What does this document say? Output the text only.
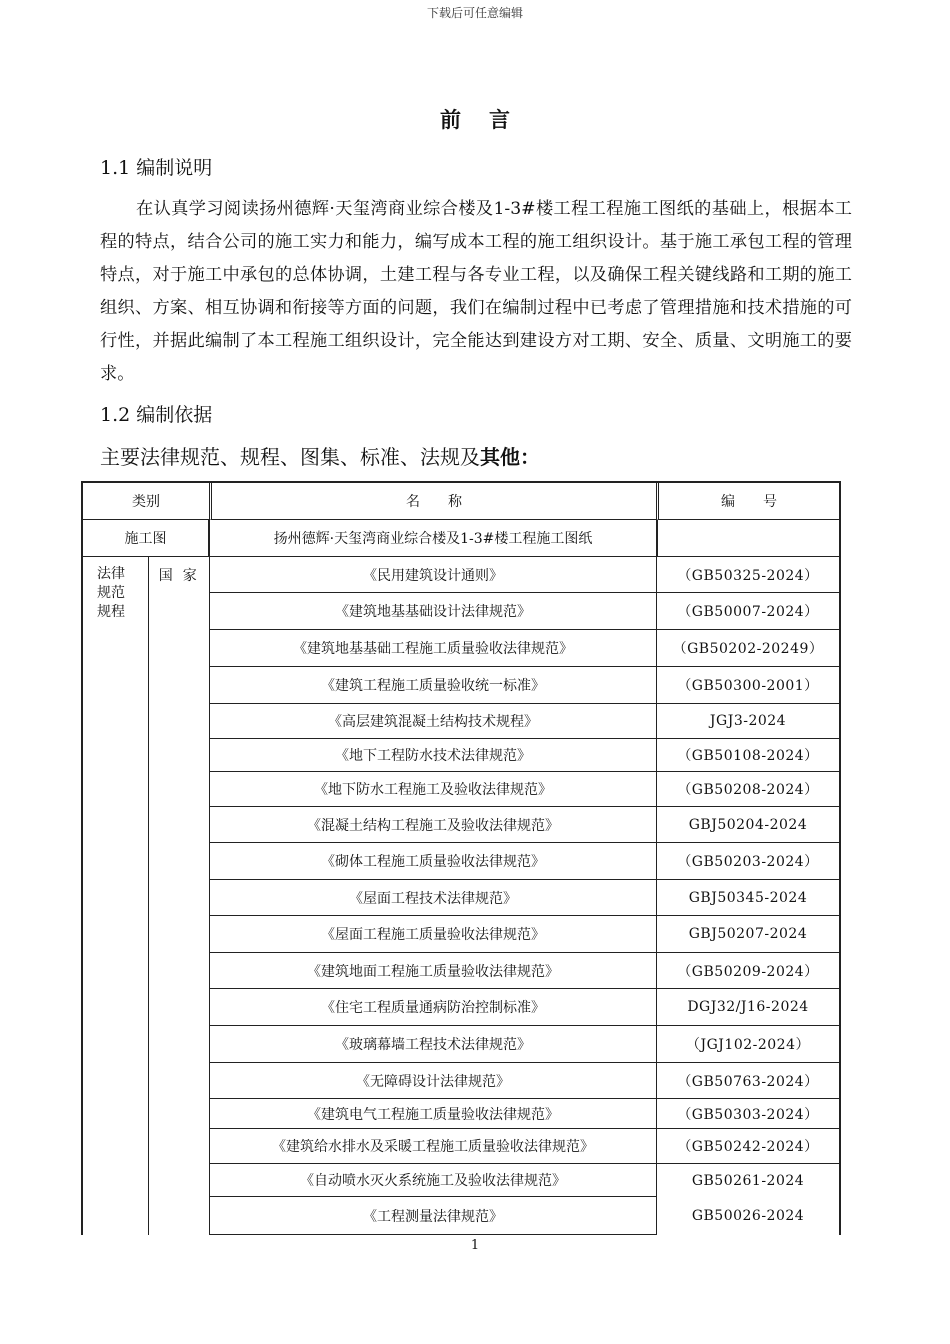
下载后可任意编辑
前言
1.1 编制说明
在认真学习阅读扬州德辉·天玺湾商业综合楼及1-3#楼工程工程施工图纸的基础上，根据本工程的特点，结合公司的施工实力和能力，编写成本工程的施工组织设计。基于施工承包工程的管理特点，对于施工中承包的总体协调，土建工程与各专业工程，以及确保工程关键线路和工期的施工组织、方案、相互协调和衔接等方面的问题，我们在编制过程中已考虑了管理措施和技术措施的可行性，并据此编制了本工程施工组织设计，完全能达到建设方对工期、安全、质量、文明施工的要求。
1.2 编制依据
主要法律规范、规程、图集、标准、法规及其他：
类别		名　　称	编　　号
施工图		扬州德辉·天玺湾商业综合楼及1-3#楼工程施工图纸	

法律规范规程	国家	《民用建筑设计通则》	（GB50325-2024）
		《建筑地基基础设计法律规范》	（GB50007-2024）
		《建筑地基基础工程施工质量验收法律规范》	（GB50202-20249）
		《建筑工程施工质量验收统一标准》	（GB50300-2001）
		《高层建筑混凝土结构技术规程》	JGJ3-2024
		《地下工程防水技术法律规范》	（GB50108-2024）
		《地下防水工程施工及验收法律规范》	（GB50208-2024）
		《混凝土结构工程施工及验收法律规范》	GBJ50204-2024
		《砌体工程施工质量验收法律规范》	（GB50203-2024）
		《屋面工程技术法律规范》	GBJ50345-2024
		《屋面工程施工质量验收法律规范》	GBJ50207-2024
		《建筑地面工程施工质量验收法律规范》	（GB50209-2024）
		《住宅工程质量通病防治控制标准》	DGJ32/J16-2024
		《玻璃幕墙工程技术法律规范》	（JGJ102-2024）
		《无障碍设计法律规范》	（GB50763-2024）
		《建筑电气工程施工质量验收法律规范》	（GB50303-2024）
		《建筑给水排水及采暖工程施工质量验收法律规范》	（GB50242-2024）
		《自动喷水灭火系统施工及验收法律规范》	GB50261-2024
		《工程测量法律规范》	GB50026-2024
1
